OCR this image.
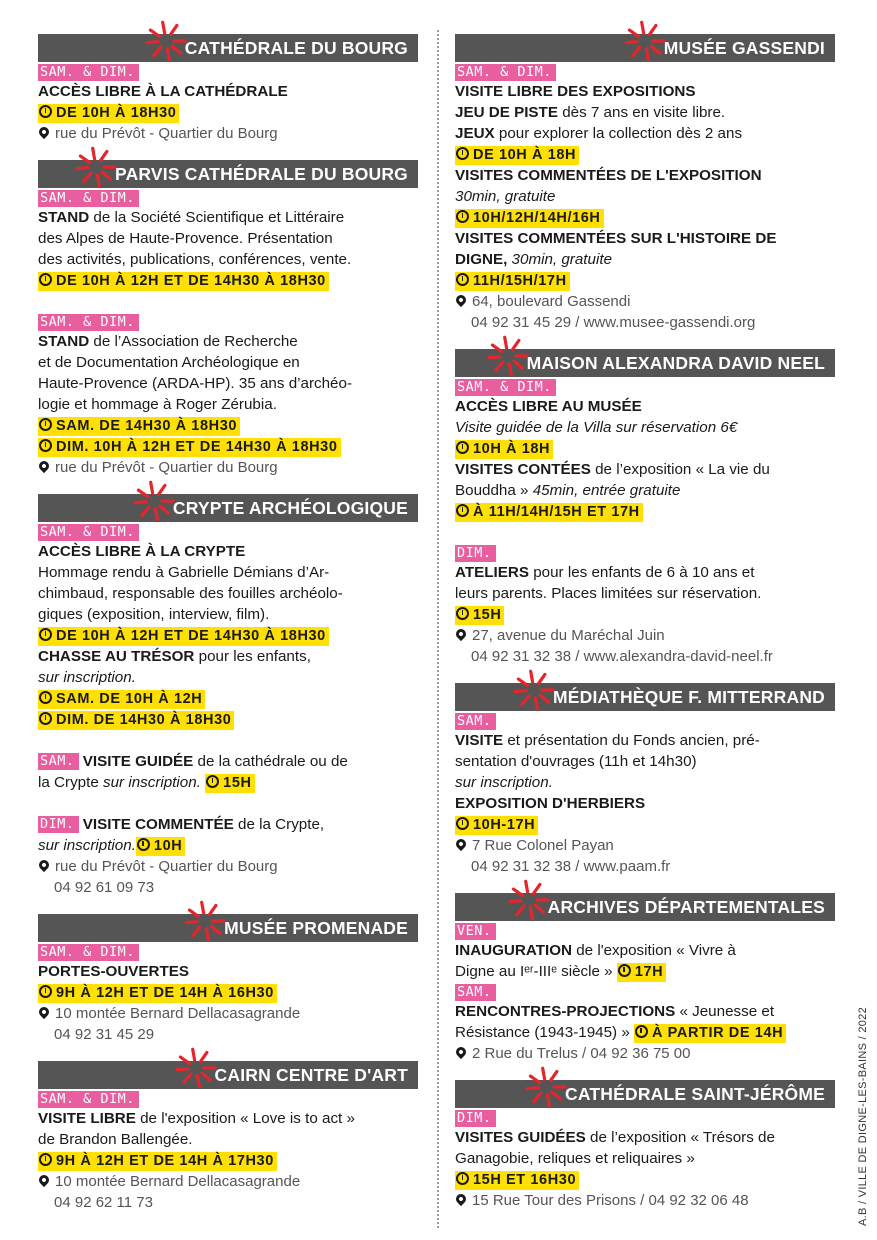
CATHÉDRALE DU BOURG
SAM. & DIM.
ACCÈS LIBRE À LA CATHÉDRALE
DE 10H À 18H30
rue du Prévôt - Quartier du Bourg
PARVIS CATHÉDRALE DU BOURG
SAM. & DIM.
STAND de la Société Scientifique et Littéraire
des Alpes de Haute-Provence. Présentation
des activités, publications, conférences, vente.
DE 10H À 12H ET DE 14H30 À 18H30
SAM. & DIM.
STAND de l’Association de Recherche
et de Documentation Archéologique en
Haute-Provence (ARDA-HP). 35 ans d’archéo-
logie et hommage à Roger Zérubia.
SAM. DE 14H30 À 18H30
DIM. 10H À 12H ET DE 14H30 À 18H30
rue du Prévôt - Quartier du Bourg
CRYPTE ARCHÉOLOGIQUE
SAM. & DIM.
ACCÈS LIBRE À LA CRYPTE
Hommage rendu à Gabrielle Démians d’Ar-
chimbaud, responsable des fouilles archéolo-
giques (exposition, interview, film).
DE 10H À 12H ET DE 14H30 À 18H30
CHASSE AU TRÉSOR pour les enfants,
sur inscription.
SAM. DE 10H À 12H
DIM. DE 14H30 À 18H30
SAM. VISITE GUIDÉE de la cathédrale ou de
la Crypte sur inscription. 15H
DIM. VISITE COMMENTÉE de la Crypte,
sur inscription. 10H
rue du Prévôt - Quartier du Bourg
04 92 61 09 73
MUSÉE PROMENADE
SAM. & DIM.
PORTES-OUVERTES
9H À 12H ET DE 14H À 16H30
10 montée Bernard Dellacasagrande
04 92 31 45 29
CAIRN CENTRE D'ART
SAM. & DIM.
VISITE LIBRE de l'exposition « Love is to act »
de Brandon Ballengée.
9H À 12H ET DE 14H À 17H30
10 montée Bernard Dellacasagrande
04 92 62 11 73
MUSÉE GASSENDI
SAM. & DIM.
VISITE LIBRE DES EXPOSITIONS
JEU DE PISTE dès 7 ans en visite libre.
JEUX pour explorer la collection dès 2 ans
DE 10H À 18H
VISITES COMMENTÉES DE L'EXPOSITION
30min, gratuite
10H/12H/14H/16H
VISITES COMMENTÉES SUR L'HISTOIRE DE
DIGNE, 30min, gratuite
11H/15H/17H
64, boulevard Gassendi
04 92 31 45 29 / www.musee-gassendi.org
MAISON ALEXANDRA DAVID NEEL
SAM. & DIM.
ACCÈS LIBRE AU MUSÉE
Visite guidée de la Villa sur réservation 6€
10H À 18H
VISITES CONTÉES de l’exposition « La vie du
Bouddha » 45min, entrée gratuite
À 11H/14H/15H ET 17H
DIM.
ATELIERS pour les enfants de 6 à 10 ans et
leurs parents. Places limitées sur réservation.
15H
27, avenue du Maréchal Juin
04 92 31 32 38 / www.alexandra-david-neel.fr
MÉDIATHÈQUE F. MITTERRAND
SAM.
VISITE et présentation du Fonds ancien, pré-
sentation d'ouvrages (11h et 14h30)
sur inscription.
EXPOSITION D'HERBIERS
10H-17H
7 Rue Colonel Payan
04 92 31 32 38 / www.paam.fr
ARCHIVES DÉPARTEMENTALES
VEN.
INAUGURATION de l'exposition « Vivre à
Digne au Iᵉʳ-IIIᵉ siècle » 17H
SAM.
RENCONTRES-PROJECTIONS « Jeunesse et
Résistance (1943-1945) » À PARTIR DE 14H
2 Rue du Trelus / 04 92 36 75 00
CATHÉDRALE SAINT-JÉRÔME
DIM.
VISITES GUIDÉES de l’exposition « Trésors de
Ganagobie, reliques et reliquaires »
15H ET 16H30
15 Rue Tour des Prisons / 04 92 32 06 48	A.B / VILLE DE DIGNE-LES-BAINS / 2022
